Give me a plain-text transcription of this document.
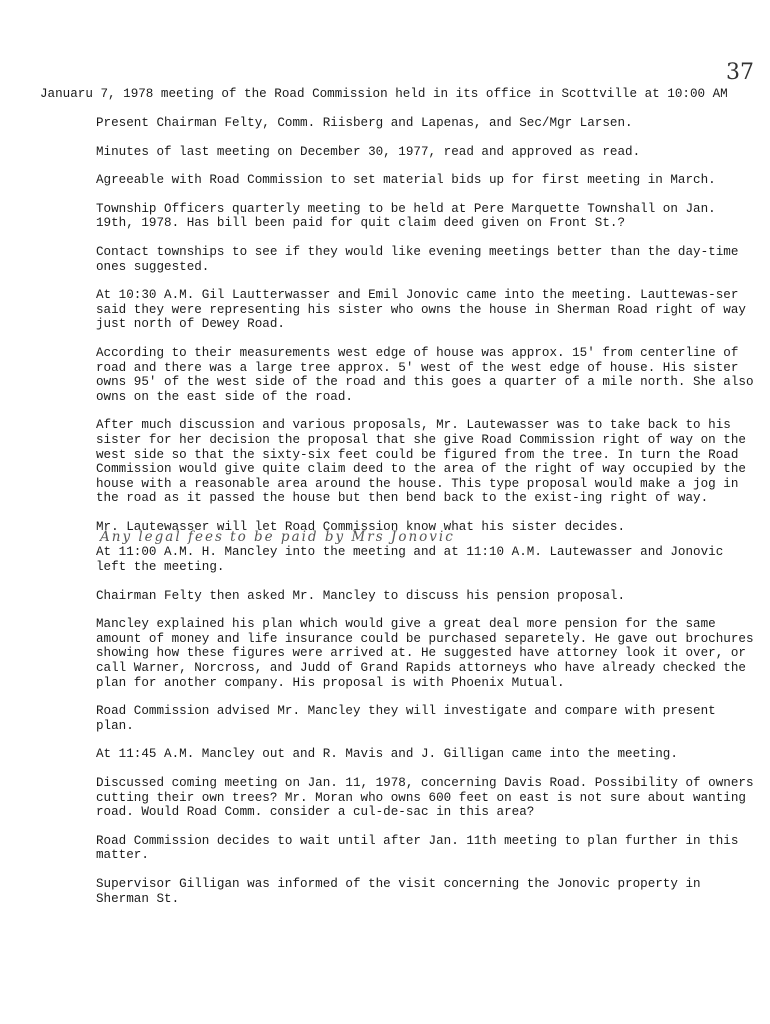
37
Januaru 7, 1978 meeting of the Road Commission held in its office in Scottville at 10:00 AM

Present Chairman Felty, Comm. Riisberg and Lapenas, and Sec/Mgr Larsen.

Minutes of last meeting on December 30, 1977, read and approved as read.

Agreeable with Road Commission to set material bids up for first meeting in March.

Township Officers quarterly meeting to be held at Pere Marquette Townshall on Jan. 19th, 1978. Has bill been paid for quit claim deed given on Front St.?

Contact townships to see if they would like evening meetings better than the day-time ones suggested.

At 10:30 A.M. Gil Lautterwasser and Emil Jonovic came into the meeting. Lauttewas-ser said they were representing his sister who owns the house in Sherman Road right of way just north of Dewey Road.

According to their measurements west edge of house was approx. 15' from centerline of road and there was a large tree approx. 5' west of the west edge of house. His sister owns 95' of the west side of the road and this goes a quarter of a mile north. She also owns on the east side of the road.

After much discussion and various proposals, Mr. Lautewasser was to take back to his sister for her decision the proposal that she give Road Commission right of way on the west side so that the sixty-six feet could be figured from the tree. In turn the Road Commission would give quite claim deed to the area of the right of way occupied by the house with a reasonable area around the house. This type proposal would make a jog in the road as it passed the house but then bend back to the exist-ing right of way.

Mr. Lautewasser will let Road Commission know what his sister decides.

Any legal fees to be paid by Mrs Jonovic

At 11:00 A.M. H. Mancley into the meeting and at 11:10 A.M. Lautewasser and Jonovic left the meeting.

Chairman Felty then asked Mr. Mancley to discuss his pension proposal.

Mancley explained his plan which would give a great deal more pension for the same amount of money and life insurance could be purchased separetely. He gave out brochures showing how these figures were arrived at. He suggested have attorney look it over, or call Warner, Norcross, and Judd of Grand Rapids attorneys who have already checked the plan for another company. His proposal is with Phoenix Mutual.

Road Commission advised Mr. Mancley they will investigate and compare with present plan.

At 11:45 A.M. Mancley out and R. Mavis and J. Gilligan came into the meeting.

Discussed coming meeting on Jan. 11, 1978, concerning Davis Road. Possibility of owners cutting their own trees? Mr. Moran who owns 600 feet on east is not sure about wanting road. Would Road Comm. consider a cul-de-sac in this area?

Road Commission decides to wait until after Jan. 11th meeting to plan further in this matter.

Supervisor Gilligan was informed of the visit concerning the Jonovic property in Sherman St.
